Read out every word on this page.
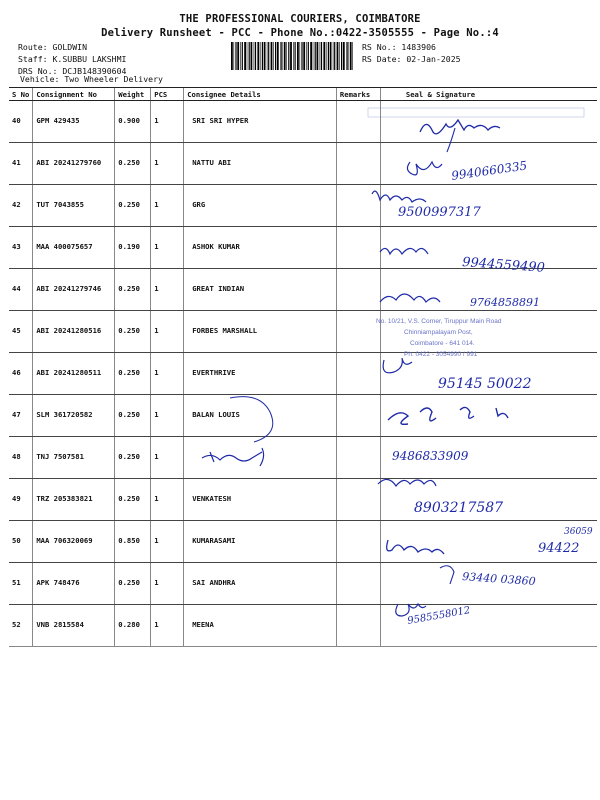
THE PROFESSIONAL COURIERS, COIMBATORE
Delivery Runsheet - PCC - Phone No.:0422-3505555 - Page No.:4
Route: GOLDWIN
Staff: K.SUBBU LAKSHMI
DRS No.: DCJB148390604
RS No.: 1483906
RS Date: 02-Jan-2025
Vehicle: Two Wheeler Delivery
S No	Consignment No	Weight	PCS	Consignee Details	Remarks	Seal & Signature
40	GPM 429435	0.900	1	SRI SRI HYPER		
41	ABI 20241279760	0.250	1	NATTU ABI		
42	TUT 7043855	0.250	1	GRG		
43	MAA 400075657	0.190	1	ASHOK KUMAR		
44	ABI 20241279746	0.250	1	GREAT INDIAN		
45	ABI 20241280516	0.250	1	FORBES MARSHALL		
46	ABI 20241280511	0.250	1	EVERTHRIVE		
47	SLM 361720582	0.250	1	BALAN LOUIS		
48	TNJ 7507581	0.250	1			
49	TRZ 205383821	0.250	1	VENKATESH		
50	MAA 706320069	0.850	1	KUMARASAMI		
51	APK 748476	0.250	1	SAI ANDHRA		
52	VNB 2815584	0.280	1	MEENA		
9940660335
9500997317
9944559490
9764858891
No. 10/21, V.S. Corner, Tiruppur Main Road
Chinniampalayam Post,
Coimbatore - 641 014.
Ph: 0422 - 3054990 / 991
95145 50022
9486833909
8903217587
94422
36059
93440 03860
9585558012
